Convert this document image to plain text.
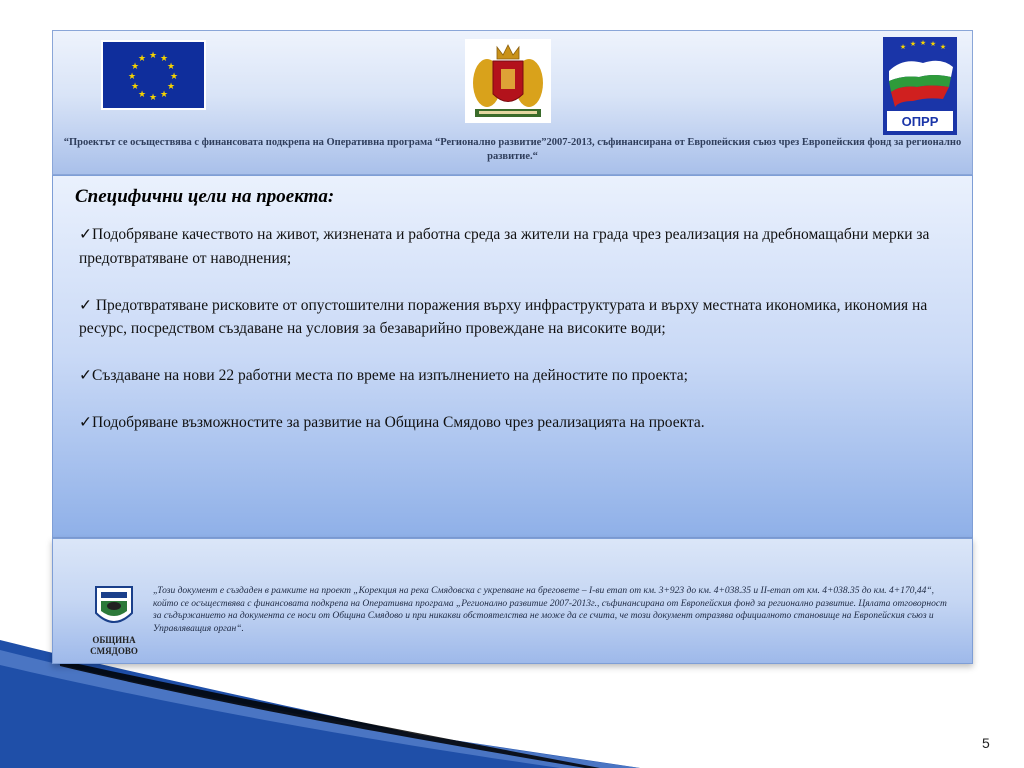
★ ★
★
★
★
★
★
★
★
★
★
★
★ ★ ★ ★ ★
ОПРР
“Проектът се осъществява с финансовата подкрепа на Оперативна програма “Регионално развитие”2007-2013, съфинансирана от Европейския съюз чрез Европейския фонд за регионално развитие.“
Специфични цели на проекта:
✓Подобряване качеството на живот, жизнената и работна среда за жители на града чрез реализация на дребномащабни мерки за предотвратяване от наводнения;
✓ Предотвратяване рисковите от опустошителни поражения върху инфраструктурата и върху местната икономика, икономия на ресурс, посредством създаване на условия за безаварийно провеждане на високите води;
✓Създаване на нови 22 работни места по време на изпълнението на дейностите по проекта;
✓Подобряване възможностите за развитие на Община Смядово чрез реализацията на проекта.
ОБЩИНА СМЯДОВО
„Този документ е създаден в рамките на проект „Корекция на река Смядовска с укрепване на бреговете – I-ви етап от км. 3+923 до км. 4+038.35 и II-етап от км. 4+038.35 до км. 4+170,44“, който се осъществява с финансовата подкрепа на Оперативна програма „Регионално развитие 2007-2013г., съфинансирана от Европейския фонд за регионално развитие. Цялата отговорност за съдържанието на документа се носи от Община Смядово и при никакви обстоятелства не може да се счита, че този документ отразява официалното становище на Европейския съюз и Управляващия орган“.
5
